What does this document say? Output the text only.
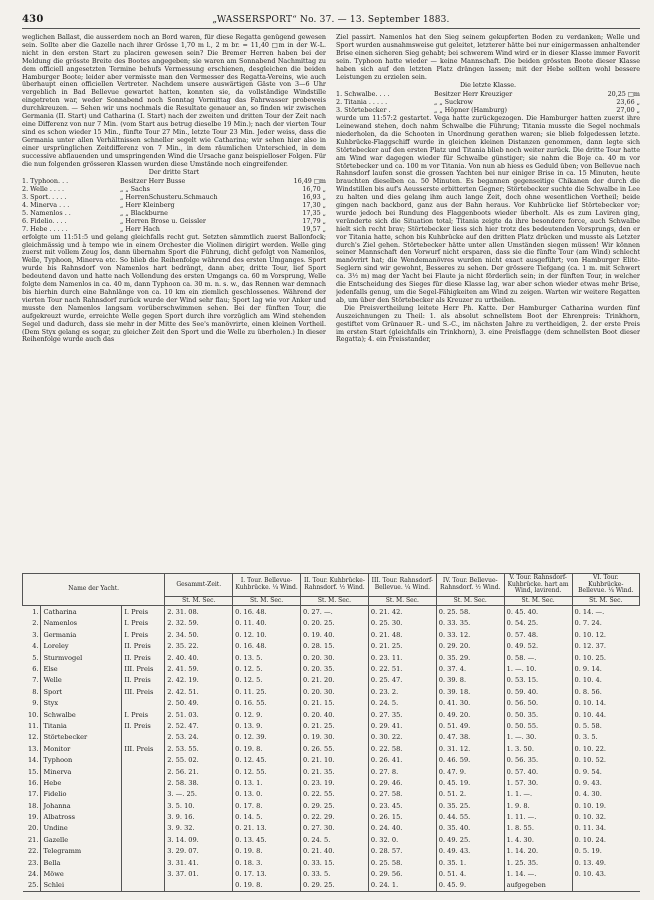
430	„WASSERSPORT“ No. 37. — 13. September 1883.

weglichen Ballast, die ausserdem noch an Bord waren, für diese Regatta genügend gewesen sein. Sollte aber die Gazelle nach ihrer Grösse 1,70 m l., 2 m br. = 11,40 □m in der W.-L. nicht in den ersten Start zu placiren gewesen sein? Die Bremer Herren haben bei der Meldung die grösste Breite des Bootes angegeben; sie waren am Sonnabend Nachmittag zu dem officiell angesetzten Termine behufs Vermessung erschienen, desgleichen die beiden Hamburger Boote; leider aber vermisste man den Vermesser des Regatta-Vereins, wie auch überhaupt einen officiellen Vertreter. Nachdem unsere auswärtigen Gäste von 3—6 Uhr vergeblich in Bad Bellevue gewartet hatten, konnten sie, da vollständige Windstille eingetreten war, weder Sonnabend noch Sonntag Vormittag das Fahrwasser probeweis durchkreuzen. — Sehen wir uns nochmals die Resultate genauer an, so finden wir zwischen Germania (II. Start) und Catharina (I. Start) nach der zweiten und dritten Tour der Zeit nach eine Differenz von nur 7 Min. (vom Start aus betrug dieselbe 19 Min.); nach der vierten Tour sind es schon wieder 15 Min., fünfte Tour 27 Min., letzte Tour 23 Min. Jeder weiss, dass die Germania unter allen Verhältnissen schneller segelt wie Catharina; wir sehen hier also in einer ursprünglichen Zeitdifferenz von 7 Min., in dem räumlichen Unterschied, in dem successive abflauenden und umspringenden Wind die Ursache ganz beispielloser Folgen. Für die nun folgenden grösseren Klassen wurden diese Umstände noch eingreifender.

Der dritte Start
1. Typhoon. . .	Besitzer Herr Busse	16,49 □m
2. Welle . . . .	„ „ Sachs	16,70 „
3. Sport. . . . .	„ HerrenSchusteru.Schmauch	16,93 „
4. Minerva . . .	„ Herr Kleinberg	17,30 „
5. Namenlos . .	„ „ Blackburne	17,35 „
6. Fidelio. . . .	„ Herren Brose u. Geissler	17,79 „
7. Hebe . . . . .	„ Herr Hach	19,57 „

erfolgte um 11:51:5 und gelang gleichfalls recht gut. Setzten sämmtlich zuerst Ballonfock; gleichmässig und à tempo wie in einem Orchester die Violinen dirigirt werden. Welle ging zuerst mit vollem Zeug los, dann übernahm Sport die Führung, dicht gefolgt von Namenlos, Welle, Typhoon, Minerva etc. So blieb die Reihenfolge während des ersten Umganges. Sport wurde bis Rahnsdorf von Namenlos hart bedrängt, dann aber, dritte Tour, lief Sport bedeutend davon und hatte nach Vollendung des ersten Umgangs ca. 60 m Vorsprung, Welle folgte dem Namenlos in ca. 40 m, dann Typhoon ca. 30 m. n. s. w., das Rennen war demnach bis hierhin durch eine Bahnlänge von ca. 10 km ein ziemlich geschlossenes. Während der vierten Tour nach Rahnsdorf zurück wurde der Wind sehr flau; Sport lag wie vor Anker und musste den Namenlos langsam vorüberschwimmen sehen. Bei der fünften Tour, die aufgekreuzt wurde, erreichte Welle gegen Sport durch ihre vorzüglich am Wind stehenden Segel und dadurch, dass sie mehr in der Mitte des See's manövrirte, einen kleinen Vortheil. (Dem Styx gelang es sogar, zu gleicher Zeit den Sport und die Welle zu überholen.) In dieser Reihenfolge wurde auch das

Ziel passirt. Namenlos hat den Sieg seinem gekupferten Boden zu verdanken; Welle und Sport wurden ausnahmsweise gut geleitet, letzterer hätte bei nur einigermassen anhaltender Brise einen sicheren Sieg gehabt; bei schwerem Wind wird er in dieser Klasse immer Favorit sein. Typhoon hatte wieder — keine Mannschaft. Die beiden grössten Boote dieser Klasse haben sich auf den letzten Platz drängen lassen; mit der Hebe sollten wohl bessere Leistungen zu erzielen sein.

Die letzte Klasse.
1. Schwalbe. . . .	Besitzer Herr Kreuziger	20,25 □m
2. Titania . . . . .	„ „ Suckrow	23,66 „
3. Störtebecker .	„ „ Höpner (Hamburg)	27,00 „

wurde um 11:57:2 gestartet. Vega hatte zurückgezogen. Die Hamburger hatten zuerst ihre Leinewand stehen, doch nahm Schwalbe die Führung; Titania musste die Segel nochmals niederholen, da die Schooten in Unordnung gerathen waren; sie blieb folgedessen letzte. Kuhbrücke-Flaggschiff wurde in gleichen kleinen Distanzen genommen, dann legte sich Störtebecker auf den ersten Platz und Titania blieb noch weiter zurück. Die dritte Tour hatte am Wind war dagegen wieder für Schwalbe günstiger; sie nahm die Boje ca. 40 m vor Störtebecker und ca. 100 m vor Titania. Von nun ab hiess es Geduld üben; von Bellevue nach Rahnsdorf laufen sonst die grossen Yachten bei nur einiger Brise in ca. 15 Minuten, heute brauchten dieselben ca. 50 Minuten. Es begannen gegenseitige Chikanen der durch die Windstillen bis auf's Aeusserste erbitterten Gegner; Störtebecker suchte die Schwalbe in Lee zu halten und dies gelang ihm auch lange Zeit, doch ohne wesentlichen Vortheil; beide gingen nach backbord, ganz aus der Bahn heraus. Vor Kuhbrücke lief Störtebecker vor; wurde jedoch bei Rundung des Flaggenboots wieder überholt. Als es zum Laviren ging, veränderte sich die Situation total; Titania zeigte da ihre besondere force, auch Schwalbe hielt sich recht brav; Störtebecker liess sich hier trotz des bedeutenden Vorsprungs, den er vor Titania hatte, schon bis Kuhbrücke auf den dritten Platz drücken und musste als Letzter durch's Ziel gehen. Störtebecker hätte unter allen Umständen siegen müssen! Wir können seiner Mannschaft den Vorwurf nicht ersparen, dass sie die fünfte Tour (am Wind) schlecht manövrirt hat; die Wendemanövres wurden nicht exact ausgeführt; von Hamburger Elite-Seglern sind wir gewohnt, Besseres zu sehen. Der grössere Tiefgang (ca. 1 m. mit Schwert ca. 3½ m) mag der Yacht bei Flaute ja nicht förderlich sein; in der fünften Tour, in welcher die Entscheidung des Sieges für diese Klasse lag, war aber schon wieder etwas mehr Brise, jedenfalls genug, um die Segel-Fähigkeiten am Wind zu zeigen. Warten wir weitere Regatten ab, um über den Störtebecker als Kreuzer zu urtheilen.

Die Preisvertheilung leitete Herr Ph. Katte. Der Hamburger Catharina wurden fünf Auszeichnungen zu Theil: 1. als absolut schnellstem Boot der Ehrenpreis: Trinkhorn, gestiftet vom Grünauer R.- und S.-C., im nächsten Jahre zu vertheidigen, 2. der erste Preis im ersten Start (gleichfalls ein Trinkhorn), 3. eine Preisflagge (dem schnellsten Boot dieser Regatta); 4. ein Preisstander,

Name der Yacht.			Gesammt-Zeit.	I. Tour. Bellevue-Kuhbrücke. ¼ Wind.	II. Tour. Kuhbrücke-Rahnsdorf. ½ Wind.	III. Tour. Rahnsdorf-Bellevue. ¼ Wind.	IV. Tour. Bellevue-Rahnsdorf. ½ Wind.	V. Tour. Rahnsdorf-Kuhbrücke. hart am Wind, lavirend.	VI. Tour. Kuhbrücke-Bellevue. ¼ Wind.
			St. M. Sec.	St. M. Sec.	St. M. Sec.	St. M. Sec.	St. M. Sec.	St. M. Sec.	St. M. Sec.
1.	Catharina	I. Preis	2. 31. 08.	0. 16. 48.	0. 27. —.	0. 21. 42.	0. 25. 58.	0. 45. 40.	0. 14. —.
2.	Namenlos	I. Preis	2. 32. 59.	0. 11. 40.	0. 20. 25.	0. 25. 30.	0. 33. 35.	0. 54. 25.	0. 7. 24.
3.	Germania	I. Preis	2. 34. 50.	0. 12. 10.	0. 19. 40.	0. 21. 48.	0. 33. 12.	0. 57. 48.	0. 10. 12.
4.	Loreley	II. Preis	2. 35. 22.	0. 16. 48.	0. 28. 15.	0. 21. 25.	0. 29. 20.	0. 49. 52.	0. 12. 37.
5.	Sturmvogel	II. Preis	2. 40. 40.	0. 13. 5.	0. 20. 30.	0. 23. 11.	0. 35. 29.	0. 58. —.	0. 10. 25.
6.	Else	III. Preis	2. 41. 59.	0. 12. 5.	0. 20. 35.	0. 22. 51.	0. 37. 4.	1. —. 10.	0. 9. 14.
7.	Welle	II. Preis	2. 42. 19.	0. 12. 5.	0. 21. 20.	0. 25. 47.	0. 39. 8.	0. 53. 15.	0. 10. 4.
8.	Sport	III. Preis	2. 42. 51.	0. 11. 25.	0. 20. 30.	0. 23. 2.	0. 39. 18.	0. 59. 40.	0. 8. 56.
9.	Styx		2. 50. 49.	0. 16. 55.	0. 21. 15.	0. 24. 5.	0. 41. 30.	0. 56. 50.	0. 10. 14.
10.	Schwalbe	I. Preis	2. 51. 03.	0. 12. 9.	0. 20. 40.	0. 27. 35.	0. 49. 20.	0. 50. 35.	0. 10. 44.
11.	Titania	II. Preis	2. 52. 47.	0. 13. 9.	0. 21. 25.	0. 29. 41.	0. 51. 49.	0. 50. 55.	0. 5. 58.
12.	Störtebecker		2. 53. 24.	0. 12. 39.	0. 19. 30.	0. 30. 22.	0. 47. 38.	1. —. 30.	0. 3. 5.
13.	Monitor	III. Preis	2. 53. 55.	0. 19. 8.	0. 26. 55.	0. 22. 58.	0. 31. 12.	1. 3. 50.	0. 10. 22.
14.	Typhoon		2. 55. 02.	0. 12. 45.	0. 21. 10.	0. 26. 41.	0. 46. 59.	0. 56. 35.	0. 10. 52.
15.	Minerva		2. 56. 21.	0. 12. 55.	0. 21. 35.	0. 27. 8.	0. 47. 9.	0. 57. 40.	0. 9. 54.
16.	Hebe		2. 58. 38.	0. 13. 1.	0. 23. 19.	0. 29. 46.	0. 45. 19.	1. 57. 30.	0. 9. 43.
17.	Fidelio		3. —. 25.	0. 13. 0.	0. 22. 55.	0. 27. 58.	0. 51. 2.	1. 1. —.	0. 4. 30.
18.	Johanna		3. 5. 10.	0. 17. 8.	0. 29. 25.	0. 23. 45.	0. 35. 25.	1. 9. 8.	0. 10. 19.
19.	Albatross		3. 9. 16.	0. 14. 5.	0. 22. 29.	0. 26. 15.	0. 44. 55.	1. 11. —.	0. 10. 32.
20.	Undine		3. 9. 32.	0. 21. 13.	0. 27. 30.	0. 24. 40.	0. 35. 40.	1. 8. 55.	0. 11. 34.
21.	Gazelle		3. 14. 09.	0. 13. 45.	0. 24. 5.	0. 32. 0.	0. 49. 25.	1. 4. 30.	0. 10. 24.
22.	Telegramm		3. 29. 07.	0. 19. 8.	0. 21. 40.	0. 28. 57.	0. 49. 43.	1. 14. 20.	0. 5. 19.
23.	Bella		3. 31. 41.	0. 18. 3.	0. 33. 15.	0. 25. 58.	0. 35. 1.	1. 25. 35.	0. 13. 49.
24.	Möwe		3. 37. 01.	0. 17. 13.	0. 33. 5.	0. 29. 56.	0. 51. 4.	1. 14. —.	0. 10. 43.
25.	Schlei			0. 19. 8.	0. 29. 25.	0. 24. 1.	0. 45. 9.	aufgegeben	
